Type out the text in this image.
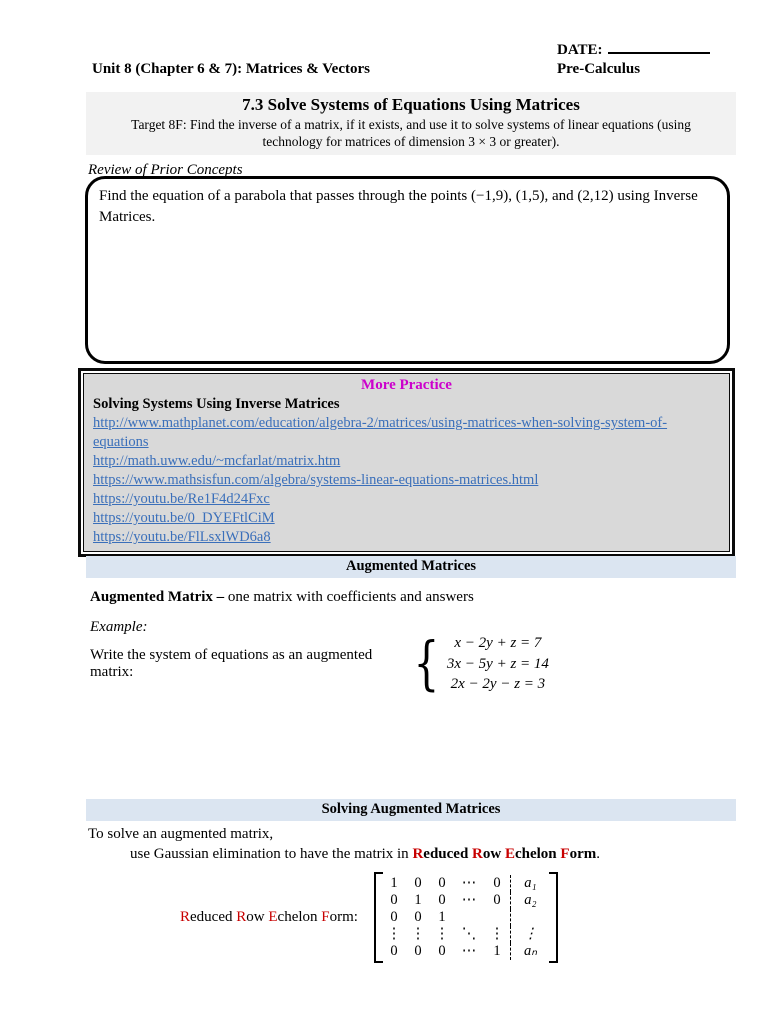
DATE:
Pre-Calculus
Unit 8 (Chapter 6 & 7): Matrices & Vectors
7.3 Solve Systems of Equations Using Matrices
Target 8F: Find the inverse of a matrix, if it exists, and use it to solve systems of linear equations (using technology for matrices of dimension 3 × 3 or greater).
Review of Prior Concepts
Find the equation of a parabola that passes through the points (−1,9), (1,5), and (2,12) using Inverse Matrices.
More Practice
Solving Systems Using Inverse Matrices
http://www.mathplanet.com/education/algebra-2/matrices/using-matrices-when-solving-system-of-equations
http://math.uww.edu/~mcfarlat/matrix.htm
https://www.mathsisfun.com/algebra/systems-linear-equations-matrices.html
https://youtu.be/Re1F4d24Fxc
https://youtu.be/0_DYEFtlCiM
https://youtu.be/FlLsxlWD6a8
Augmented Matrices
Augmented Matrix – one matrix with coefficients and answers
Example:
Write the system of equations as an augmented matrix:	{	x − 2y + z = 7
3x − 5y + z = 14
2x − 2y − z = 3
Solving Augmented Matrices
To solve an augmented matrix,
use Gaussian elimination to have the matrix in Reduced Row Echelon Form.
Reduced Row Echelon Form:
1	0	0	⋯	0	a₁
0	1	0	⋯	0	a₂
0	0	1
⋮ ⋮ ⋮ ⋱ ⋮	⋮
0	0	0	⋯	1	aₙ
